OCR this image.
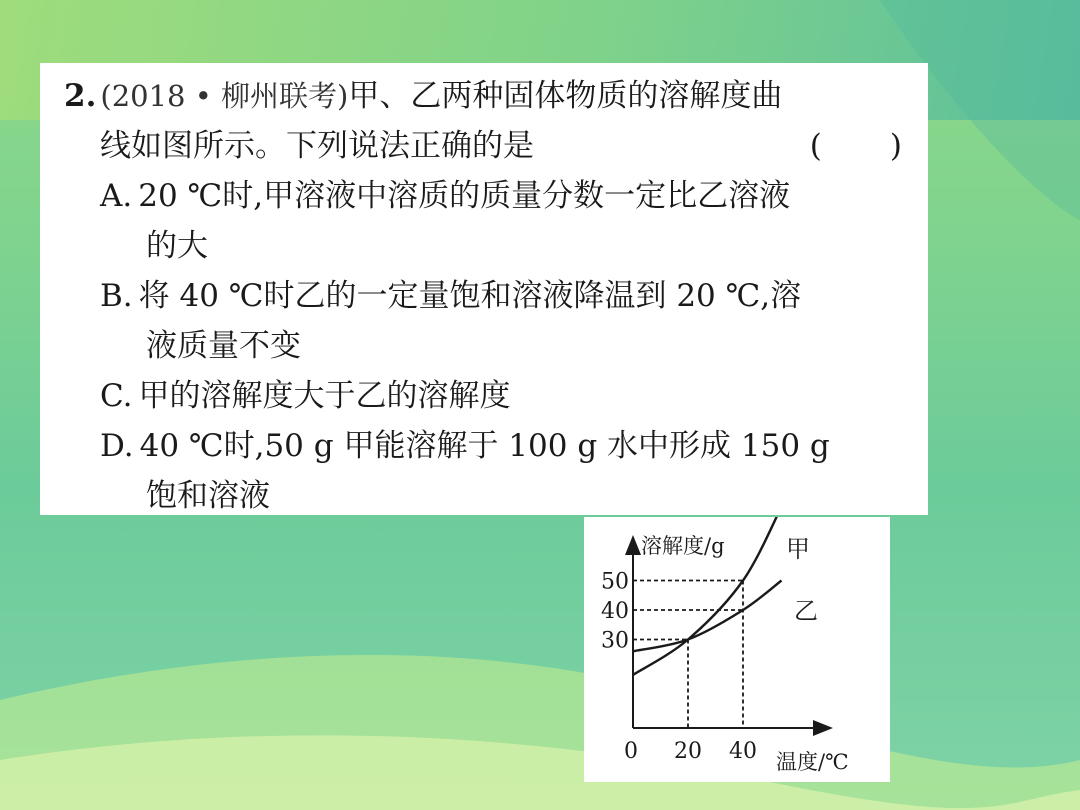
2. (2018 • 柳州联考) 甲、乙两种固体物质的溶解度曲
线如图所示。下列说法正确的是	(　　)
A. 20 ℃时,甲溶液中溶质的质量分数一定比乙溶液
的大
B. 将 40 ℃时乙的一定量饱和溶液降温到 20 ℃,溶
液质量不变
C. 甲的溶解度大于乙的溶解度
D. 40 ℃时,50 g 甲能溶解于 100 g 水中形成 150 g
饱和溶液
溶解度/g
温度/℃
30
40
50
0 20 40
甲
乙
